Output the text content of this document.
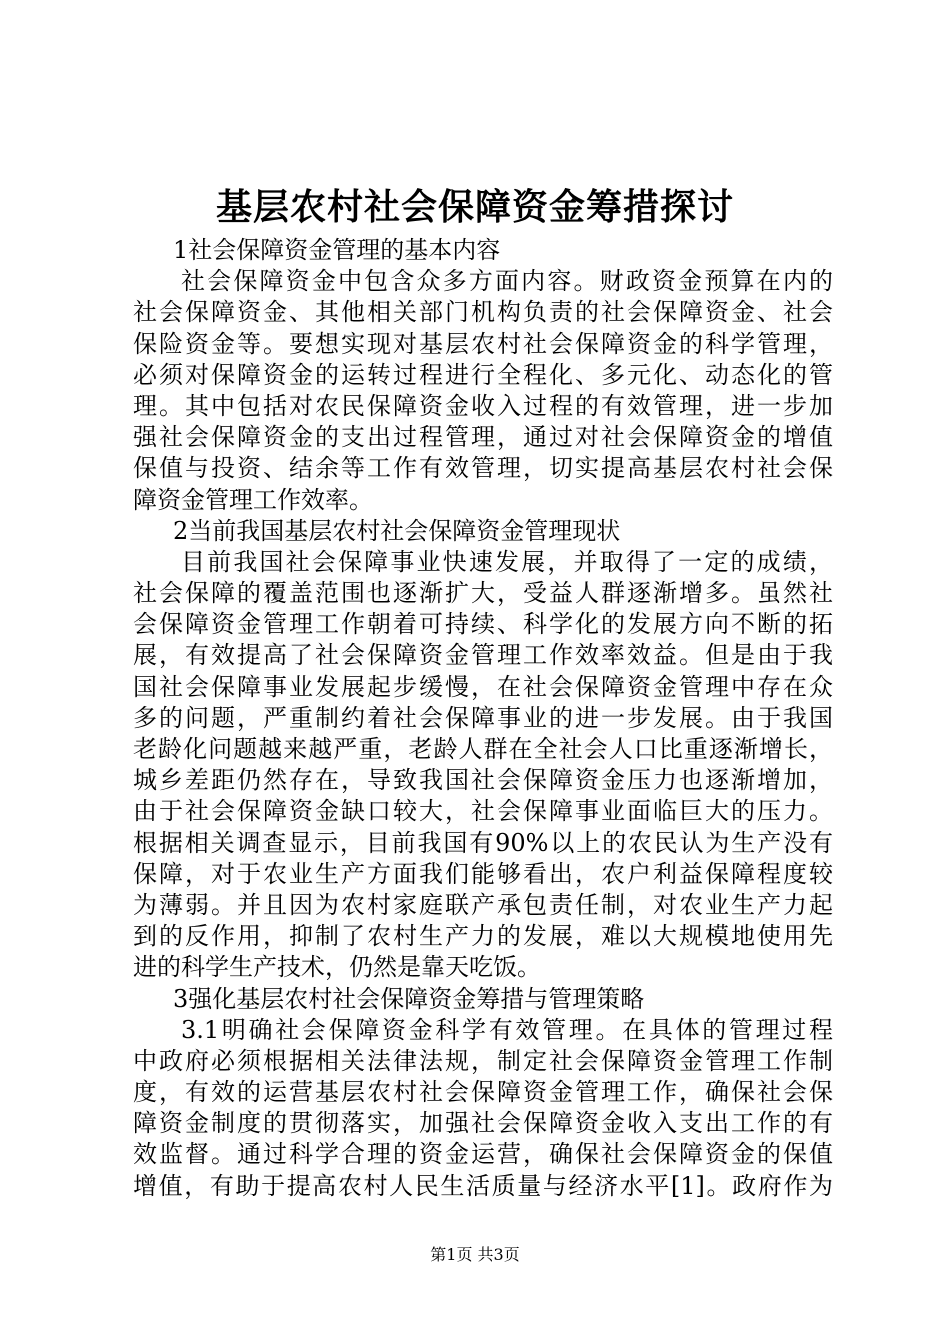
基层农村社会保障资金筹措探讨
1社会保障资金管理的基本内容
社会保障资金中包含众多方面内容。财政资金预算在内的
社会保障资金、其他相关部门机构负责的社会保障资金、社会
保险资金等。要想实现对基层农村社会保障资金的科学管理，
必须对保障资金的运转过程进行全程化、多元化、动态化的管
理。其中包括对农民保障资金收入过程的有效管理，进一步加
强社会保障资金的支出过程管理，通过对社会保障资金的增值
保值与投资、结余等工作有效管理，切实提高基层农村社会保
障资金管理工作效率。
2当前我国基层农村社会保障资金管理现状
目前我国社会保障事业快速发展，并取得了一定的成绩，
社会保障的覆盖范围也逐渐扩大，受益人群逐渐增多。虽然社
会保障资金管理工作朝着可持续、科学化的发展方向不断的拓
展，有效提高了社会保障资金管理工作效率效益。但是由于我
国社会保障事业发展起步缓慢，在社会保障资金管理中存在众
多的问题，严重制约着社会保障事业的进一步发展。由于我国
老龄化问题越来越严重，老龄人群在全社会人口比重逐渐增长，
城乡差距仍然存在，导致我国社会保障资金压力也逐渐增加，
由于社会保障资金缺口较大，社会保障事业面临巨大的压力。
根据相关调查显示，目前我国有90%以上的农民认为生产没有
保障，对于农业生产方面我们能够看出，农户利益保障程度较
为薄弱。并且因为农村家庭联产承包责任制，对农业生产力起
到的反作用，抑制了农村生产力的发展，难以大规模地使用先
进的科学生产技术，仍然是靠天吃饭。
3强化基层农村社会保障资金筹措与管理策略
3.1明确社会保障资金科学有效管理。在具体的管理过程
中政府必须根据相关法律法规，制定社会保障资金管理工作制
度，有效的运营基层农村社会保障资金管理工作，确保社会保
障资金制度的贯彻落实，加强社会保障资金收入支出工作的有
效监督。通过科学合理的资金运营，确保社会保障资金的保值
增值，有助于提高农村人民生活质量与经济水平[1]。政府作为
第1页 共3页
